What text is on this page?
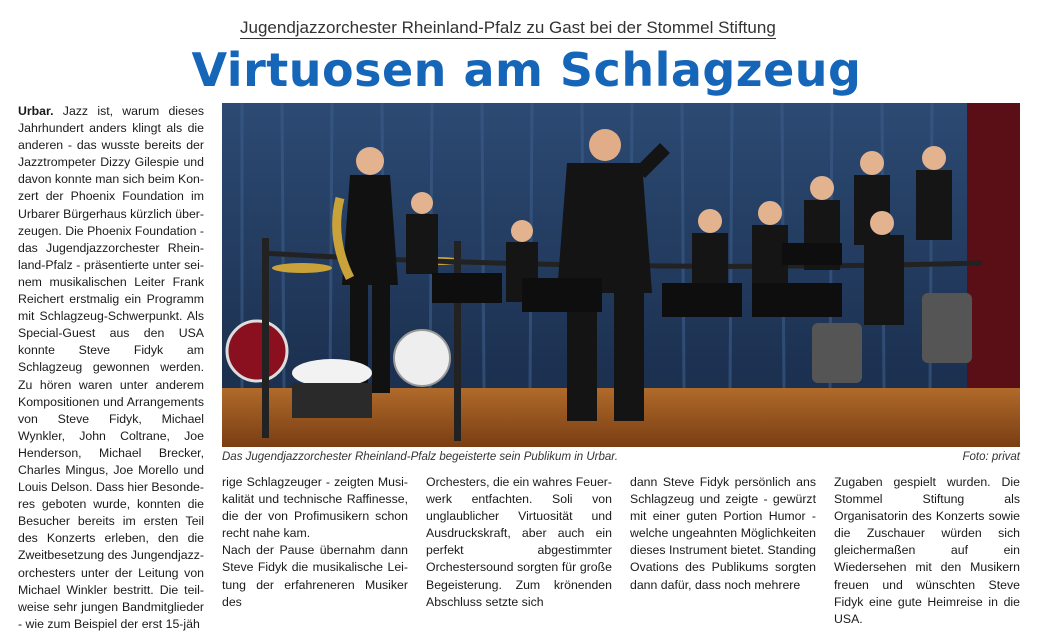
Jugendjazzorchester Rheinland-Pfalz zu Gast bei der Stommel Stiftung
Virtuosen am Schlagzeug

Urbar. Jazz ist, warum dieses Jahrhundert anders klingt als die anderen - das wusste bereits der Jazztrompeter Dizzy Gilespie und davon konnte man sich beim Konzert der Phoenix Foundation im Urbarer Bürgerhaus kürzlich überzeugen. Die Phoenix Foundation - das Jugendjazzorchester Rheinland-Pfalz - präsentierte unter seinem musikalischen Leiter Frank Reichert erstmalig ein Programm mit Schlagzeug-Schwerpunkt. Als Special-Guest aus den USA konnte Steve Fidyk am Schlagzeug gewonnen werden. Zu hören waren unter anderem Kompositionen und Arrangements von Steve Fidyk, Michael Wynkler, John Coltrane, Joe Henderson, Michael Brecker, Charles Mingus, Joe Morello und Louis Delson. Dass hier Besonderes geboten wurde, konnten die Besucher bereits im ersten Teil des Konzerts erleben, den die Zweitbesetzung des Jungendjazzorchesters unter der Leitung von Michael Winkler bestritt. Die teilweise sehr jungen Bandmitglieder - wie zum Beispiel der erst 15-jäh

Das Jugendjazzorchester Rheinland-Pfalz begeisterte sein Publikum in Urbar.	Foto: privat

rige Schlagzeuger - zeigten Musikalität und technische Raffinesse, die der von Profimusikern schon recht nahe kam.

Nach der Pause übernahm dann Steve Fidyk die musikalische Leitung der erfahreneren Musiker des

Orchesters, die ein wahres Feuerwerk entfachten. Soli von unglaublicher Virtuosität und Ausdruckskraft, aber auch ein perfekt abgestimmter Orchestersound sorgten für große Begeisterung. Zum krönenden Abschluss setzte sich

dann Steve Fidyk persönlich ans Schlagzeug und zeigte - gewürzt mit einer guten Portion Humor - welche ungeahnten Möglichkeiten dieses Instrument bietet. Standing Ovations des Publikums sorgten dann dafür, dass noch mehrere

Zugaben gespielt wurden. Die Stommel Stiftung als Organisatorin des Konzerts sowie die Zuschauer würden sich gleichermaßen auf ein Wiedersehen mit den Musikern freuen und wünschten Steve Fidyk eine gute Heimreise in die USA.
